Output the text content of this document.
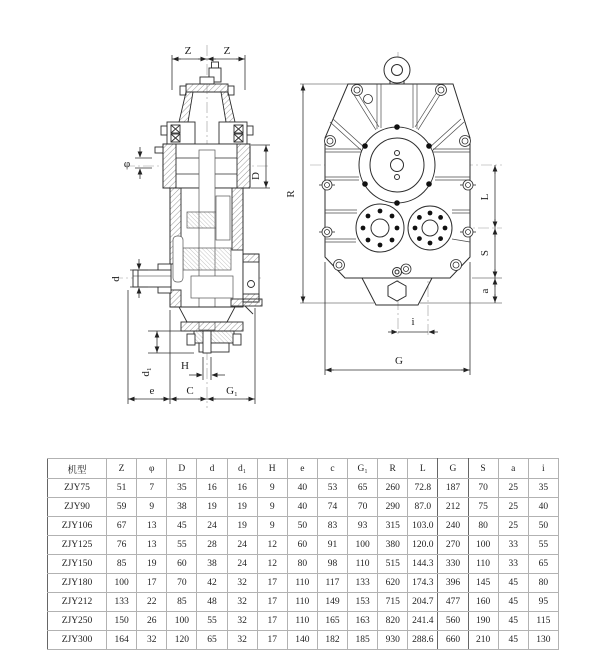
Z	Z
φ
D
d
d₁	H
e	C	G₁
R	L
S
a
i
G
机型	Z	φ	D	d	d₁	H	e	c	G₁	R	L	G	S	a	i
ZJY75	51	7	35	16	16	9	40	53	65	260	72.8	187	70	25	35
ZJY90	59	9	38	19	19	9	40	74	70	290	87.0	212	75	25	40
ZJY106	67	13	45	24	19	9	50	83	93	315	103.0	240	80	25	50
ZJY125	76	13	55	28	24	12	60	91	100	380	120.0	270	100	33	55
ZJY150	85	19	60	38	24	12	80	98	110	515	144.3	330	110	33	65
ZJY180	100	17	70	42	32	17	110	117	133	620	174.3	396	145	45	80
ZJY212	133	22	85	48	32	17	110	149	153	715	204.7	477	160	45	95
ZJY250	150	26	100	55	32	17	110	165	163	820	241.4	560	190	45	115
ZJY300	164	32	120	65	32	17	140	182	185	930	288.6	660	210	45	130
